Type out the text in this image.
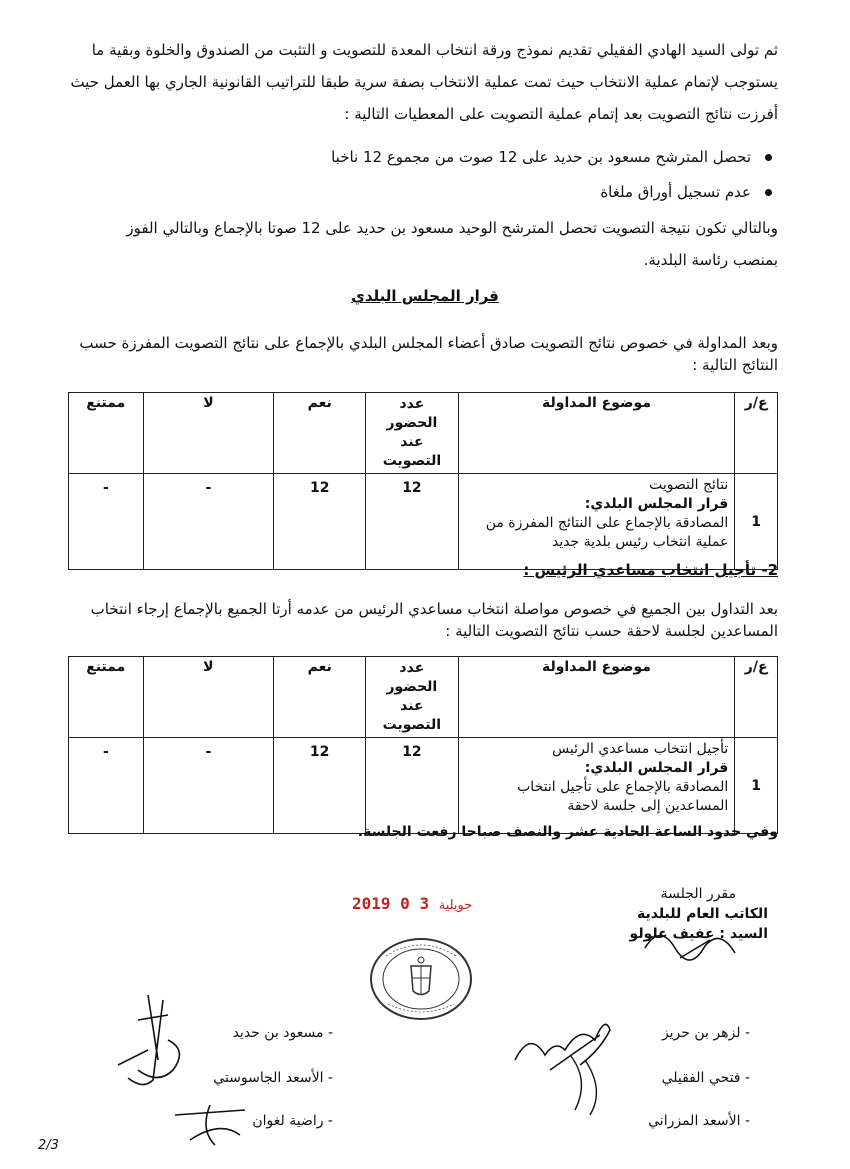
ثم تولى السيد الهادي الفقيلي تقديم نموذج ورقة انتخاب المعدة للتصويت و التثبت من الصندوق والخلوة وبقية ما
يستوجب لإتمام عملية الانتخاب حيث تمت عملية الانتخاب بصفة سرية طبقا للتراتيب القانونية الجاري بها العمل حيث
أفرزت نتائج التصويت بعد إتمام عملية التصويت على المعطيات التالية :
تحصل المترشح مسعود بن حديد على 12 صوت من مجموع 12 ناخبا
عدم تسجيل أوراق ملغاة
وبالتالي تكون نتيجة التصويت تحصل المترشح الوحيد مسعود بن حديد على 12 صوتا بالإجماع وبالتالي الفوز
بمنصب رئاسة البلدية.
قرار المجلس البلدي
وبعد المداولة في خصوص نتائج التصويت صادق أعضاء المجلس البلدي بالإجماع على نتائج التصويت المفرزة حسب
النتائج التالية :
ع/ر	موضوع المداولة	عدد الحضور
عند
التصويت	نعم	لا	ممتنع
1	نتائج التصويت
قرار المجلس البلدي:
المصادقة بالإجماع على النتائج المفرزة من
عملية انتخاب رئيس بلدية جديد	12	12	-	-
2- تأجيل انتخاب مساعدي الرئيس :
بعد التداول بين الجميع في خصوص مواصلة انتخاب مساعدي الرئيس من عدمه أرتا الجميع بالإجماع إرجاء انتخاب
المساعدين لجلسة لاحقة حسب نتائج التصويت التالية :
ع/ر	موضوع المداولة	عدد الحضور
عند
التصويت	نعم	لا	ممتنع
1	تأجيل انتخاب مساعدي الرئيس
قرار المجلس البلدي:
المصادقة بالإجماع على تأجيل انتخاب
المساعدين إلى جلسة لاحقة	12	12	-	-
وفي حدود الساعة الحادية عشر والنصف صباحا رفعت الجلسة.
مقرر الجلسة
الكاتب العام للبلدية
السيد : عفيف علولو
2019	جويلية 3 0
- مسعود بن حديد
- الأسعد الجاسوستي
- راضية لغوان
- لزهر بن حريز
- فتحي الفقيلي
- الأسعد المزراني
2/3
